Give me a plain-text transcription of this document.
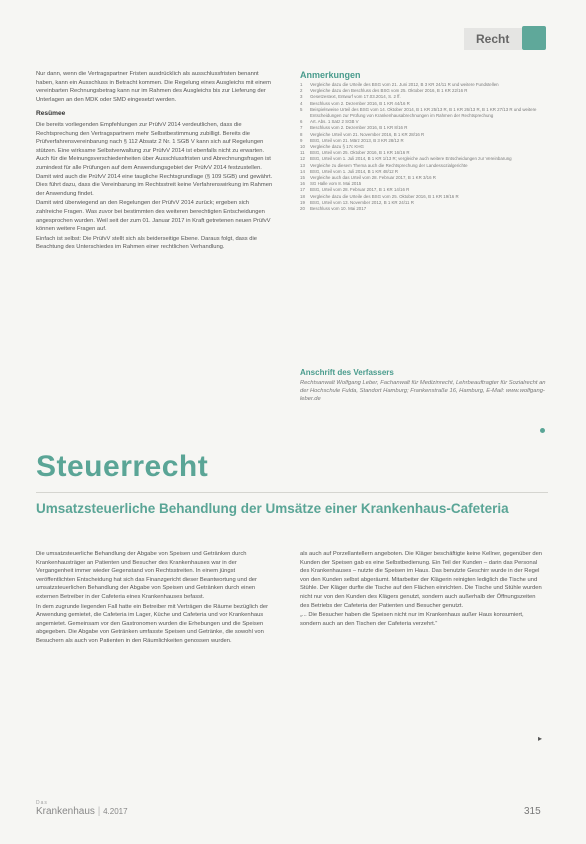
Recht

Nur dann, wenn die Vertragspartner Fristen ausdrücklich als ausschlussfristen benannt haben, kann ein Ausschluss in Betracht kommen. Die Regelung eines Ausgleichs mit einem vereinbarten Rechnungsbetrag kann nur im Rahmen des Ausgleichs bis zur Lieferung der Unterlagen an den MDK oder SMD eingesetzt werden.

Resümee

Die bereits vorliegenden Empfehlungen zur PrüfvV 2014 verdeutlichen, dass die Rechtsprechung den Vertragspartnern mehr Selbstbestimmung zubilligt. Bereits die Prüfverfahrensvereinbarung nach § 112 Absatz 2 Nr. 1 SGB V kann sich auf Regelungen stützen. Eine wirksame Selbstverwaltung zur PrüfvV 2014 ist ebenfalls nicht zu erwarten. Auch für die Meinungsverschiedenheiten über Ausschlussfristen und Abrechnungsfragen ist zumindest für alle Prüfungen auf dem Anwendungsgebiet der PrüfvV 2014 festzustellen. Damit wird auch die PrüfvV 2014 eine taugliche Rechtsgrundlage (§ 109 SGB) und gewährt. Dies führt dazu, dass die Vereinbarung im Rechtsstreit keine Verfahrenswirkung im Rahmen der Anwendung findet.

Damit wird überwiegend an den Regelungen der PrüfvV 2014 zurück; ergeben sich zahlreiche Fragen. Was zuvor bei bestimmten des weiteren berechtigten Entscheidungen angesprochen wurden. Weil seit der zum 01. Januar 2017 in Kraft getretenen neuen PrüfvV können weitere Fragen auf.

Einfach ist selbst: Die PrüfvV stellt sich als beiderseitige Ebene. Daraus folgt, dass die Beachtung des Unterschiedes im Rahmen einer rechtlichen Verhandlung.

Anmerkungen
1	Vergleiche dazu die Urteile des BSG vom 21. Juni 2012, B 3 KR 24/11 R und weitere Fundstellen
2	Vergleiche dazu den Beschluss des BSG vom 25. Oktober 2016, B 1 KR 22/16 R
3	Gesetzestext, Entwurf vom 17.03.2014, S. 2 ff.
4	Beschluss vom 2. Dezember 2016, B 1 KR 44/16 R
5	Beispielsweise Urteil des BSG vom 14. Oktober 2014, B 1 KR 25/13 R, B 1 KR 26/13 R, B 1 KR 27/13 R und weitere Entscheidungen zur Prüfung von Krankenhausabrechnungen im Rahmen der Rechtsprechung
6	Art. Abs. 1 Satz 2 SGB V
7	Beschluss vom 2. Dezember 2016, B 1 KR 8/16 R
8	Vergleiche Urteil vom 21. November 2016, B 1 KR 28/16 R
9	BSG, Urteil vom 21. März 2013, B 3 KR 28/12 R
10	Vergleiche dazu § 17c KHG
11	BSG, Urteil vom 25. Oktober 2016, B 1 KR 16/16 R
12	BSG, Urteil vom 1. Juli 2014, B 1 KR 1/13 R; vergleiche auch weitere Entscheidungen zur Vereinbarung
13	Vergleiche zu diesem Thema auch die Rechtsprechung der Landessozialgerichte
14	BSG, Urteil vom 1. Juli 2014, B 1 KR 48/12 R
15	Vergleiche auch das Urteil vom 28. Februar 2017, B 1 KR 3/16 R
16	SG Halle vom 8. Mai 2015
17	BSG, Urteil vom 28. Februar 2017, B 1 KR 14/16 R
18	Vergleiche dazu die Urteile des BSG vom 25. Oktober 2016, B 1 KR 19/16 R
19	BSG, Urteil vom 13. November 2012, B 1 KR 24/11 R
20	Beschluss vom 10. Mai 2017
Anschrift des Verfassers
Rechtsanwalt Wolfgang Leber, Fachanwalt für Medizinrecht, Lehrbeauftragter für Sozialrecht an der Hochschule Fulda, Standort Hamburg; Frankenstraße 16, Hamburg, E-Mail: www.wolfgang-leber.de
Steuerrecht
Umsatzsteuerliche Behandlung der Umsätze einer Krankenhaus-Cafeteria

Die umsatzsteuerliche Behandlung der Abgabe von Speisen und Getränken durch Krankenhausträger an Patienten und Besucher des Krankenhauses war in der Vergangenheit immer wieder Gegenstand von Rechtsstreiten. In einem jüngst veröffentlichten Entscheidung hat sich das Finanzgericht dieser Beantwortung und der umsatzsteuerlichen Behandlung der Abgabe von Speisen und Getränken durch einen externen Betreiber in der Cafeteria eines Krankenhauses befasst.

In dem zugrunde liegenden Fall hatte ein Betreiber mit Verträgen die Räume bezüglich der Anwendung gemietet, die Cafeteria im Lager, Küche und Cafeteria und vor Krankenhaus angemietet. Gemeinsam vor den Gastronomen wurden die Erhebungen und die Speisen abgegeben. Die Abgabe von Getränken umfasste Speisen und Getränke, die sowohl von Besuchern als auch von Patienten in den Räumlichkeiten genossen wurden.

als auch auf Porzellantellern angeboten. Die Kläger beschäftigte keine Kellner, gegenüber den Kunden der Speisen gab es eine Selbstbedienung. Ein Teil der Kunden – darin das Personal des Krankenhauses – nutzte die Speisen im Haus. Das benutzte Geschirr wurde in der Regel von den Kunden selbst abgeräumt. Mitarbeiter der Klägerin reinigten lediglich die Tische und Stühle. Der Kläger durfte die Tische auf den Flächen einrichten. Die Tische und Stühle wurden nicht nur von den Kunden des Klägers genutzt, sondern auch außerhalb der Öffnungszeiten des Betriebs der Cafeteria der Patienten und Besucher genutzt.

„... Die Besucher haben die Speisen nicht nur im Krankenhaus außer Haus konsumiert, sondern auch an den Tischen der Cafeteria verzehrt.“

▸
Das
Krankenhaus | 4.2017	315
